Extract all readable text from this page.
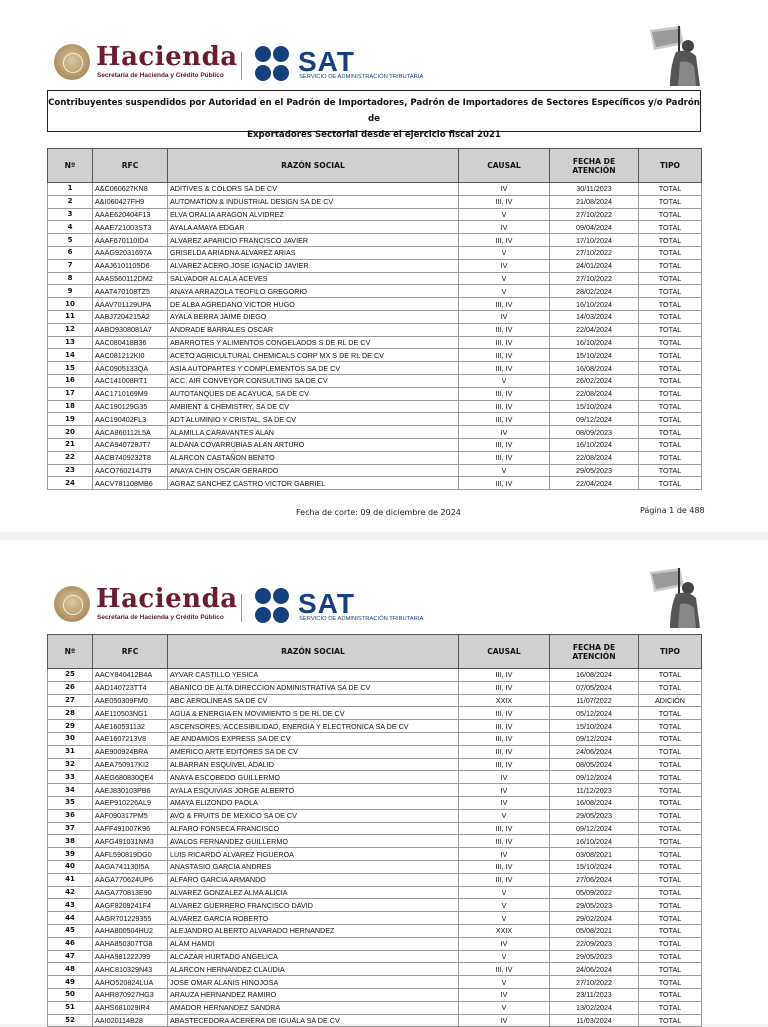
Hacienda
Secretaría de Hacienda y Crédito Público	SAT
SERVICIO DE ADMINISTRACIÓN TRIBUTARIA
Contribuyentes suspendidos por Autoridad en el Padrón de Importadores, Padrón de Importadores de Sectores Específicos y/o Padrón de
Exportadores Sectorial desde el ejercicio fiscal 2021
Nº	RFC	RAZÓN SOCIAL	CAUSAL	FECHA DE ATENCIÓN	TIPO
1	A&C060627KN8	ADITIVES & COLORS SA DE CV	IV	30/11/2023	TOTAL
2	A&I060427FH9	AUTOMATION & INDUSTRIAL DESIGN SA DE CV	III, IV	21/08/2024	TOTAL
3	AAAE620404F13	ELVA ORALIA ARAGON ALVIDREZ	V	27/10/2022	TOTAL
4	AAAE721003ST3	AYALA AMAYA EDGAR	IV	09/04/2024	TOTAL
5	AAAF670110ID4	ALVAREZ APARICIO FRANCISCO JAVIER	III, IV	17/10/2024	TOTAL
6	AAAG92031697A	GRISELDA ARIADNA ALVAREZ ARIAS	V	27/10/2022	TOTAL
7	AAAJ6101105D6	ALVAREZ ACERO JOSE IGNACIO JAVIER	IV	24/01/2024	TOTAL
8	AAAS560112DM2	SALVADOR ALCALA ACEVES	V	27/10/2022	TOTAL
9	AAAT470108TZ5	ANAYA ARRAZOLA TEOFILO GREGORIO	V	28/02/2024	TOTAL
10	AAAV701129UPA	DE ALBA AGREDANO VICTOR HUGO	III, IV	16/10/2024	TOTAL
11	AABJ7204215A2	AYALA BERRA JAIME DIEGO	IV	14/03/2024	TOTAL
12	AABO9308081A7	ANDRADE BARRALES OSCAR	III, IV	22/04/2024	TOTAL
13	AAC080418B36	ABARROTES Y ALIMENTOS CONGELADOS S DE RL DE CV	III, IV	16/10/2024	TOTAL
14	AAC081212KI0	ACETO AGRICULTURAL CHEMICALS CORP MX S DE RL DE CV	III, IV	15/10/2024	TOTAL
15	AAC0905133QA	ASIA AUTOPARTES Y COMPLEMENTOS SA DE CV	III, IV	16/08/2024	TOTAL
16	AAC141008RT1	ACC. AIR CONVEYOR CONSULTING SA DE CV	V	26/02/2024	TOTAL
17	AAC1710169M9	AUTOTANQUES DE ACAYUCA, SA DE CV	III, IV	22/08/2024	TOTAL
18	AAC190129G35	AMBIENT & CHEMISTRY, SA DE CV	III, IV	15/10/2024	TOTAL
19	AAC190402FL3	ADT ALUMINIO Y CRISTAL, SA DE CV	III, IV	09/12/2024	TOTAL
20	AACA860112L5A	ALAMILLA CARAVANTES ALAN	IV	08/09/2023	TOTAL
21	AACA940728JT7	ALDANA COVARRUBIAS ALAN ARTURO	III, IV	16/10/2024	TOTAL
22	AACB7409232T8	ALARCON CASTAÑON BENITO	III, IV	22/08/2024	TOTAL
23	AACO760214JT9	ANAYA CHIN OSCAR GERARDO	V	29/05/2023	TOTAL
24	AACV781108MB6	AGRAZ SANCHEZ CASTRO VICTOR GABRIEL	III, IV	22/04/2024	TOTAL
Fecha de corte: 09 de diciembre de 2024	Página 1 de 488
Hacienda
Secretaría de Hacienda y Crédito Público	SAT
SERVICIO DE ADMINISTRACIÓN TRIBUTARIA
Nº	RFC	RAZÓN SOCIAL	CAUSAL	FECHA DE ATENCIÓN	TIPO
25	AACY840412B4A	AYVAR CASTILLO YESICA	III, IV	16/08/2024	TOTAL
26	AAD140723TT4	ABANICO DE ALTA DIRECCION ADMINISTRATIVA SA DE CV	III, IV	07/05/2024	TOTAL
27	AAE050309FM0	ABC AEROLINEAS SA DE CV	XXIX	11/07/2022	ADICIÓN
28	AAE110503NG1	AGUA & ENERGIA EN MOVIMIENTO S DE RL DE CV	III, IV	05/12/2024	TOTAL
29	AAE160531132	ASCENSORES, ACCESIBILIDAD, ENERGIA Y ELECTRONICA SA DE CV	III, IV	15/10/2024	TOTAL
30	AAE1607213V8	AE ANDAMIOS EXPRESS SA DE CV	III, IV	09/12/2024	TOTAL
31	AAE900924BRA	AMERICO ARTE EDITORES SA DE CV	III, IV	24/06/2024	TOTAL
32	AAEA750917KI2	ALBARRAN ESQUIVEL ADALID	III, IV	08/05/2024	TOTAL
33	AAEG680830QE4	ANAYA ESCOBEDO GUILLERMO	IV	09/12/2024	TOTAL
34	AAEJ830103PB6	AYALA ESQUIVIAS JORGE ALBERTO	IV	11/12/2023	TOTAL
35	AAEP910226AL9	AMAYA ELIZONDO PAOLA	IV	16/08/2024	TOTAL
36	AAF090317PM5	AVO & FRUITS DE MEXICO SA DE CV	V	29/05/2023	TOTAL
37	AAFF491007K96	ALFARO FONSECA FRANCISCO	III, IV	09/12/2024	TOTAL
38	AAFG491031NM3	AVALOS FERNANDEZ GUILLERMO	III, IV	16/10/2024	TOTAL
39	AAFL590819DG0	LUIS RICARDO ALVAREZ FIGUEROA	IV	03/08/2021	TOTAL
40	AAGA741130I5A	ANASTASIO GARCIA ANDRES	III, IV	15/10/2024	TOTAL
41	AAGA770624UP6	ALFARO GARCIA ARMANDO	III, IV	27/06/2024	TOTAL
42	AAGA770813E90	ALVAREZ GONZALEZ ALMA ALICIA	V	05/09/2022	TOTAL
43	AAGF8209241F4	ALVAREZ GUERRERO FRANCISCO DAVID	V	29/05/2023	TOTAL
44	AAGR701229355	ALVAREZ GARCIA ROBERTO	V	29/02/2024	TOTAL
45	AAHA800504HU2	ALEJANDRO ALBERTO ALVARADO HERNANDEZ	XXIX	05/08/2021	TOTAL
46	AAHA850307TG8	ALAM HAMDI	IV	22/09/2023	TOTAL
47	AAHA981222J99	ALCAZAR HURTADO ANGELICA	V	29/05/2023	TOTAL
48	AAHC810329N43	ALARCON HERNANDEZ CLAUDIA	III, IV	24/06/2024	TOTAL
49	AAHO520824LUA	JOSE OMAR ALANIS HINOJOSA	V	27/10/2022	TOTAL
50	AAHR870927HG3	ARAUZA HERNANDEZ RAMIRO	IV	23/11/2023	TOTAL
51	AAHS681029IR4	AMADOR HERNANDEZ SANDRA	V	13/02/2024	TOTAL
52	AAI020114B28	ABASTECEDORA ACERERA DE IGUALA SA DE CV	IV	11/03/2024	TOTAL
